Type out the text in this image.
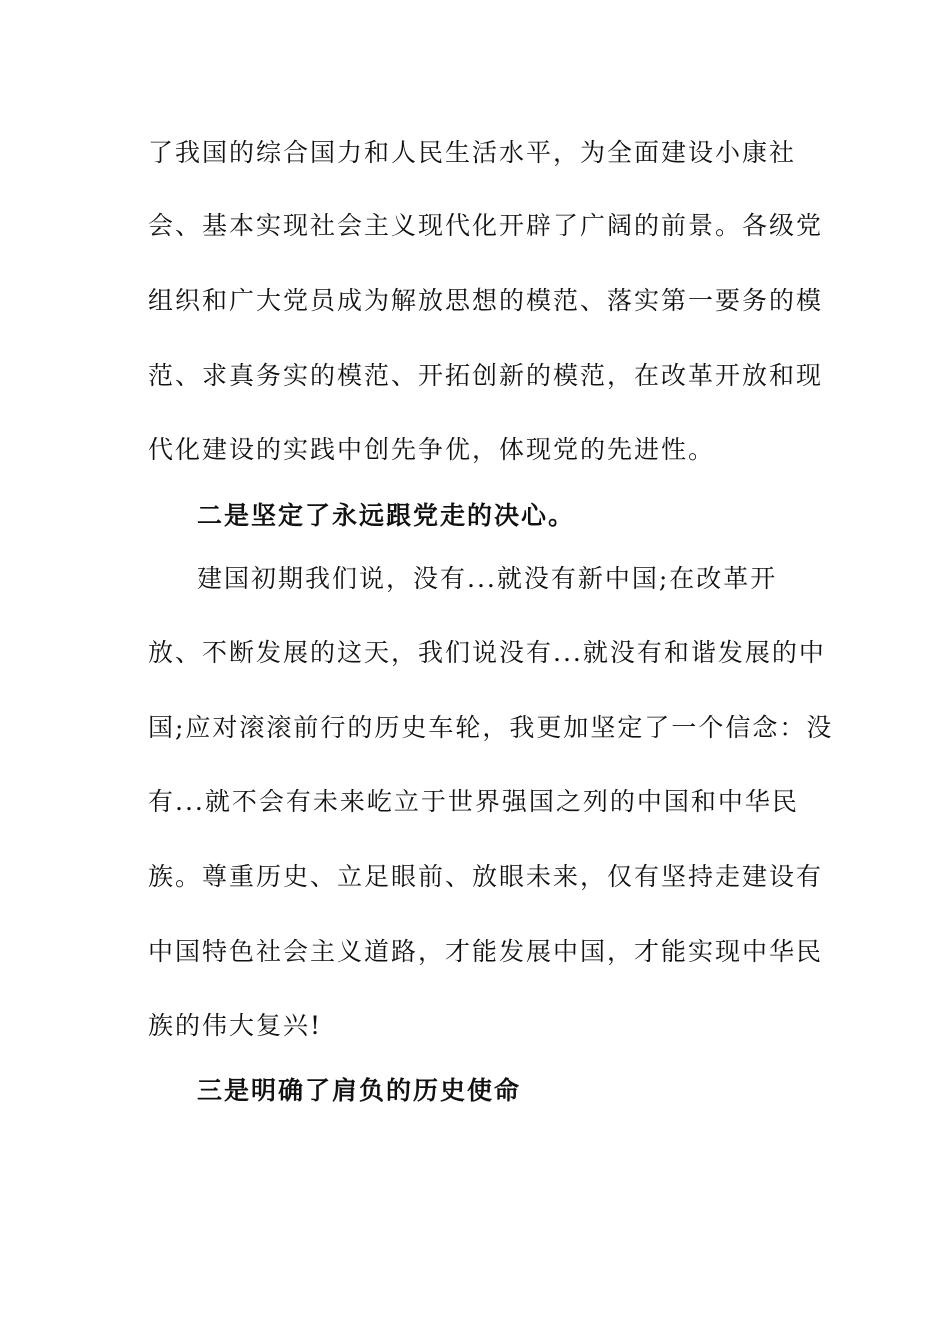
了我国的综合国力和人民生活水平，为全面建设小康社
会、基本实现社会主义现代化开辟了广阔的前景。各级党
组织和广大党员成为解放思想的模范、落实第一要务的模
范、求真务实的模范、开拓创新的模范，在改革开放和现
代化建设的实践中创先争优，体现党的先进性。
二是坚定了永远跟党走的决心。
建国初期我们说，没有...就没有新中国;在改革开
放、不断发展的这天，我们说没有...就没有和谐发展的中
国;应对滚滚前行的历史车轮，我更加坚定了一个信念：没
有...就不会有未来屹立于世界强国之列的中国和中华民
族。尊重历史、立足眼前、放眼未来，仅有坚持走建设有
中国特色社会主义道路，才能发展中国，才能实现中华民
族的伟大复兴!
三是明确了肩负的历史使命
